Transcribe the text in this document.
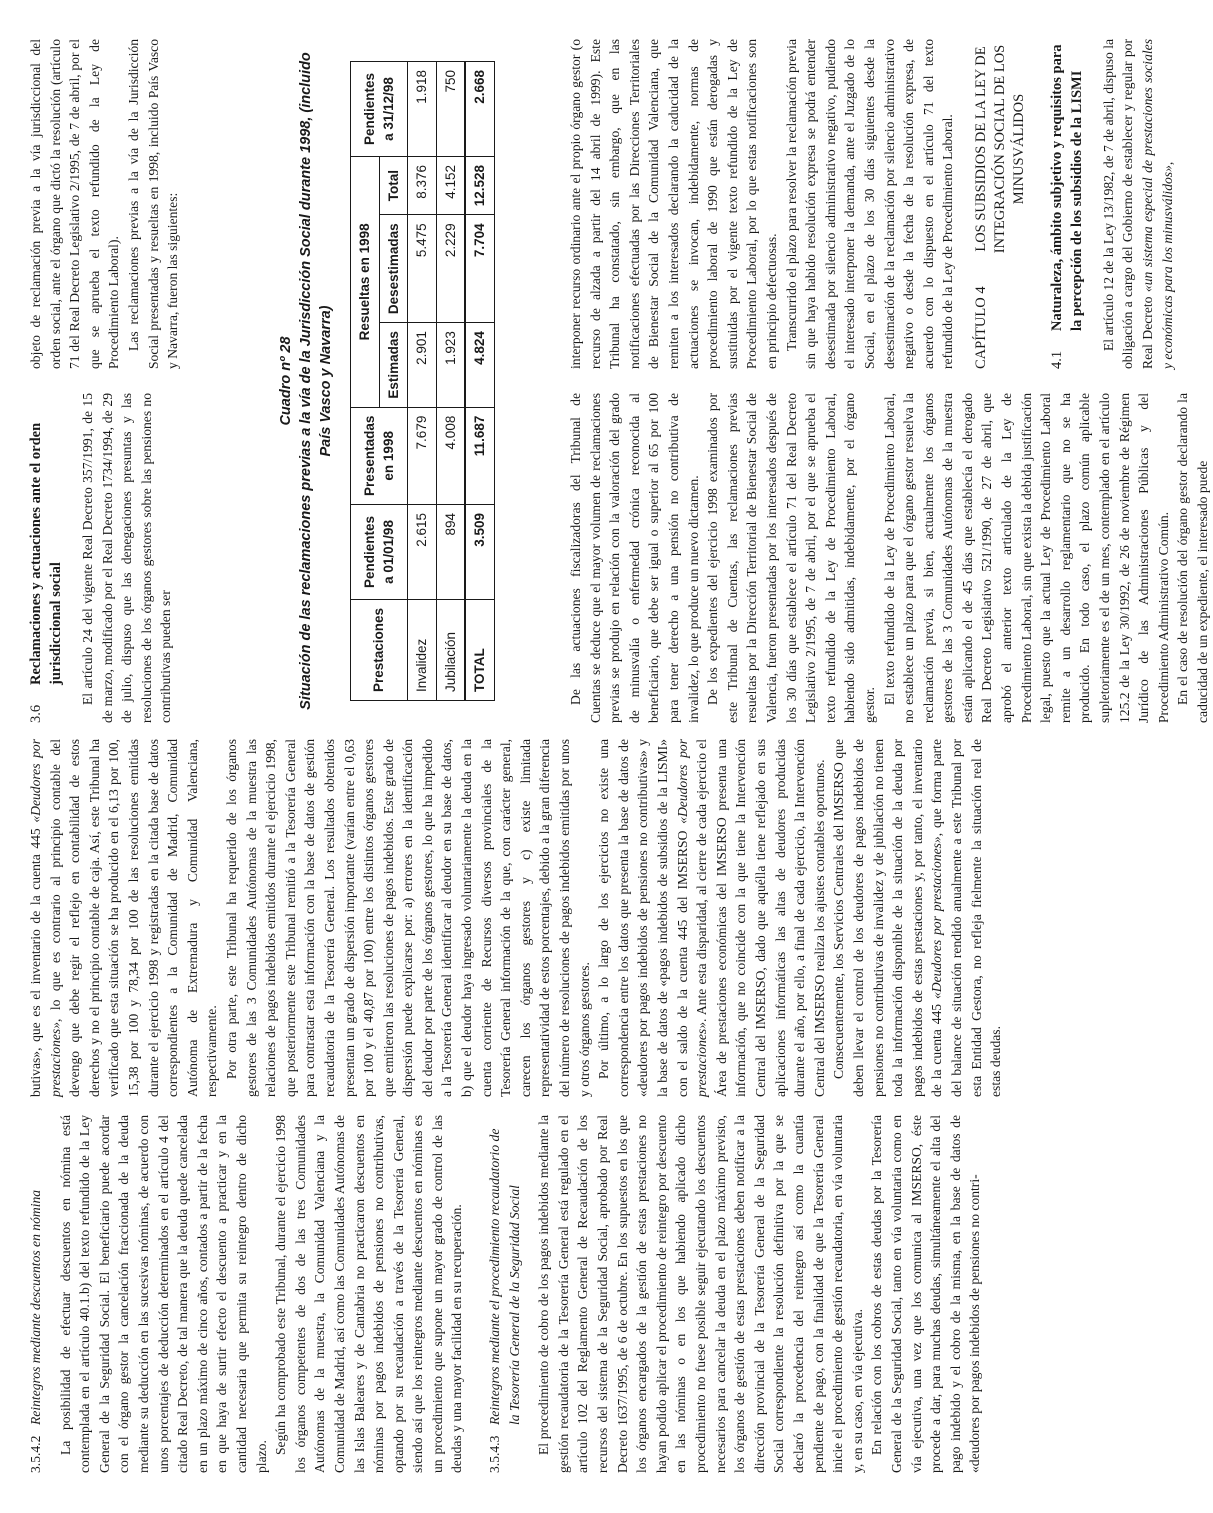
3.5.4.2
Reintegros mediante descuentos en nómina La posibilidad de efectuar descuentos en nómina está contemplada en el artículo 40.1.b) del texto refundido de la Ley General de la Seguridad Social. El beneficiario puede acordar con el órgano gestor la cancelación fraccionada de la deuda mediante su deducción en las sucesivas nóminas, de acuerdo con unos porcentajes de deducción determinados en el artículo 4 del citado Real Decreto, de tal manera que la deuda quede cancelada en un plazo máximo de cinco años, contados a partir de la fecha en que haya de surtir efecto el descuento a practicar y en la cantidad necesaria que permita su reintegro dentro de dicho plazo.

Según ha comprobado este Tribunal, durante el ejercicio 1998 los órganos competentes de dos de las tres Comunidades Autónomas de la muestra, la Comunidad Valenciana y la Comunidad de Madrid, así como las Comunidades Autónomas de las Islas Baleares y de Cantabria no practicaron descuentos en nóminas por pagos indebidos de pensiones no contributivas, optando por su recaudación a través de la Tesorería General, siendo así que los reintegros mediante descuentos en nóminas es un procedimiento que supone un mayor grado de control de las deudas y una mayor facilidad en su recuperación. 3.5.4.3
Reintegros mediante el procedimiento recaudatorio de la Tesorería General de la Seguridad Social El procedimiento de cobro de los pagos indebidos mediante la gestión recaudatoria de la Tesorería General está regulado en el artículo 102 del Reglamento General de Recaudación de los recursos del sistema de la Seguridad Social, aprobado por Real Decreto 1637/1995, de 6 de octubre. En los supuestos en los que los órganos encargados de la gestión de estas prestaciones no hayan podido aplicar el procedimiento de reintegro por descuento en las nóminas o en los que habiendo aplicado dicho procedimiento no fuese posible seguir ejecutando los descuentos necesarios para cancelar la deuda en el plazo máximo previsto, los órganos de gestión de estas prestaciones deben notificar a la dirección provincial de la Tesorería General de la Seguridad Social correspondiente la resolución definitiva por la que se declaró la procedencia del reintegro así como la cuantía pendiente de pago, con la finalidad de que la Tesorería General inicie el procedimiento de gestión recaudatoria, en vía voluntaria y, en su caso, en vía ejecutiva. En relación con los cobros de estas deudas por la Tesorería General de la Seguridad Social, tanto en vía voluntaria como en vía ejecutiva, una vez que los comunica al IMSERSO, éste procede a dar, para muchas deudas, simultáneamente el alta del pago indebido y el cobro de la misma, en la base de datos de «deudores por pagos indebidos de pensiones no contri-

butivas», que es el inventario de la cuenta 445 «Deudores por prestaciones», lo que es contrario al principio contable del devengo que debe regir el reflejo en contabilidad de estos derechos y no el principio contable de caja. Así, este Tribunal ha verificado que esta situación se ha producido en el 6,13 por 100, 15,38 por 100 y 78,34 por 100 de las resoluciones emitidas durante el ejercicio 1998 y registradas en la citada base de datos correspondientes a la Comunidad de Madrid, Comunidad Autónoma de Extremadura y Comunidad Valenciana, respectivamente. Por otra parte, este Tribunal ha requerido de los órganos gestores de las 3 Comunidades Autónomas de la muestra las relaciones de pagos indebidos emitidos durante el ejercicio 1998, que posteriormente este Tribunal remitió a la Tesorería General para contrastar esta información con la base de datos de gestión recaudatoria de la Tesorería General. Los resultados obtenidos presentan un grado de dispersión importante (varían entre el 0,63 por 100 y el 40,87 por 100) entre los distintos órganos gestores que emitieron las resoluciones de pagos indebidos. Este grado de dispersión puede explicarse por: a) errores en la identificación del deudor por parte de los órganos gestores, lo que ha impedido a la Tesorería General identificar al deudor en su base de datos, b) que el deudor haya ingresado voluntariamente la deuda en la cuenta corriente de Recursos diversos provinciales de la Tesorería General información de la que, con carácter general, carecen los órganos gestores y c) existe limitada representatividad de estos porcentajes, debido a la gran diferencia del número de resoluciones de pagos indebidos emitidas por unos y otros órganos gestores. Por último, a lo largo de los ejercicios no existe una correspondencia entre los datos que presenta la base de datos de «deudores por pagos indebidos de pensiones no contributivas» y la base de datos de «pagos indebidos de subsidios de la LISMI» con el saldo de la cuenta 445 del IMSERSO «Deudores por prestaciones». Ante esta disparidad, al cierre de cada ejercicio el Área de prestaciones económicas del IMSERSO presenta una información, que no coincide con la que tiene la Intervención Central del IMSERSO, dado que aquélla tiene reflejado en sus aplicaciones informáticas las altas de deudores producidas durante el año, por ello, a final de cada ejercicio, la Intervención Central del IMSERSO realiza los ajustes contables oportunos. Consecuentemente, los Servicios Centrales del IMSERSO que deben llevar el control de los deudores de pagos indebidos de pensiones no contributivas de invalidez y de jubilación no tienen toda la información disponible de la situación de la deuda por pagos indebidos de estas prestaciones y, por tanto, el inventario de la cuenta 445 «Deudores por prestaciones», que forma parte del balance de situación rendido anualmente a este Tribunal por esta Entidad Gestora, no refleja fielmente la situación real de estas deudas.

3.6
Reclamaciones y actuaciones ante el orden jurisdiccional social El artículo 24 del vigente Real Decreto 357/1991, de 15 de marzo, modificado por el Real Decreto 1734/1994, de 29 de julio, dispuso que las denegaciones presuntas y las resoluciones de los órganos gestores sobre las pensiones no contributivas pueden ser

objeto de reclamación previa a la vía jurisdiccional del orden social, ante el órgano que dictó la resolución (artículo 71 del Real Decreto Legislativo 2/1995, de 7 de abril, por el que se aprueba el texto refundido de la Ley de Procedimiento Laboral). Las reclamaciones previas a la vía de la Jurisdicción Social presentadas y resueltas en 1998, incluido País Vasco y Navarra, fueron las siguientes:

Cuadro nº 28 Situación de las reclamaciones previas a la vía de la Jurisdicción Social durante 1998, (incluido País Vasco y Navarra)
Prestaciones	Pendientes a 01/01/98	Presentadas en 1998	Resueltas en 1998			Pendientes a 31/12/98
			Estimadas	Desestimadas	Total	
Invalidez	2.615	7.679	2.901	5.475	8.376	1.918
Jubilación	894	4.008	1.923	2.229	4.152	750
TOTAL	3.509	11.687	4.824	7.704	12.528	2.668

De las actuaciones fiscalizadoras del Tribunal de Cuentas se deduce que el mayor volumen de reclamaciones previas se produjo en relación con la valoración del grado de minusvalía o enfermedad crónica reconocida al beneficiario, que debe ser igual o superior al 65 por 100 para tener derecho a una pensión no contributiva de invalidez, lo que produce un nuevo dictamen. De los expedientes del ejercicio 1998 examinados por este Tribunal de Cuentas, las reclamaciones previas resueltas por la Dirección Territorial de Bienestar Social de Valencia, fueron presentadas por los interesados después de los 30 días que establece el artículo 71 del Real Decreto Legislativo 2/1995, de 7 de abril, por el que se aprueba el texto refundido de la Ley de Procedimiento Laboral, habiendo sido admitidas, indebidamente, por el órgano gestor.

El texto refundido de la Ley de Procedimiento Laboral, no establece un plazo para que el órgano gestor resuelva la reclamación previa, si bien, actualmente los órganos gestores de las 3 Comunidades Autónomas de la muestra están aplicando el de 45 días que establecía el derogado Real Decreto Legislativo 521/1990, de 27 de abril, que aprobó el anterior texto articulado de la Ley de Procedimiento Laboral, sin que exista la debida justificación legal, puesto que la actual Ley de Procedimiento Laboral remite a un desarrollo reglamentario que no se ha producido. En todo caso, el plazo común aplicable supletoriamente es el de un mes, contemplado en el artículo 125.2 de la Ley 30/1992, de 26 de noviembre de Régimen Jurídico de las Administraciones Públicas y del Procedimiento Administrativo Común. En el caso de resolución del órgano gestor declarando la caducidad de un expediente, el interesado puede

interponer recurso ordinario ante el propio órgano gestor (o recurso de alzada a partir del 14 abril de 1999). Este Tribunal ha constatado, sin embargo, que en las notificaciones efectuadas por las Direcciones Territoriales de Bienestar Social de la Comunidad Valenciana, que remiten a los interesados declarando la caducidad de la actuaciones se invocan, indebidamente, normas de procedimiento laboral de 1990 que están derogadas y sustituidas por el vigente texto refundido de la Ley de Procedimiento Laboral, por lo que estas notificaciones son en principio defectuosas. Transcurrido el plazo para resolver la reclamación previa sin que haya habido resolución expresa se podrá entender desestimada por silencio administrativo negativo, pudiendo el interesado interponer la demanda, ante el Juzgado de lo Social, en el plazo de los 30 días siguientes desde la desestimación de la reclamación por silencio administrativo negativo o desde la fecha de la resolución expresa, de acuerdo con lo dispuesto en el artículo 71 del texto refundido de la Ley de Procedimiento Laboral. CAPÍTULO 4
LOS SUBSIDIOS DE LA LEY DE INTEGRACIÓN SOCIAL DE LOS MINUSVÁLIDOS
4.1
Naturaleza, ámbito subjetivo y requisitos para la percepción de los subsidios de la LISMI El artículo 12 de la Ley 13/1982, de 7 de abril, dispuso la obligación a cargo del Gobierno de establecer y regular por Real Decreto «un sistema especial de prestaciones sociales y económicas para los minusválidos»,
